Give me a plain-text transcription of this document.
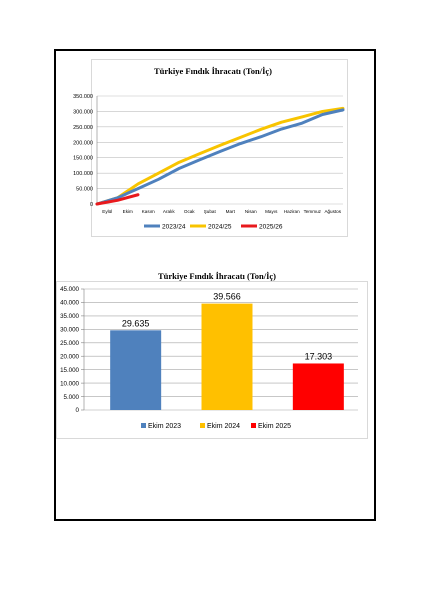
Türkiye Fındık İhracatı (Ton/İç)
0
50.000
100.000
150.000
200.000
250.000
300.000
350.000
Eylül Ekim Kasım Aralık Ocak Şubat Mart Nisan Mayıs Haziran Temmuz Ağustos
2023/24	2024/25	2025/26
Türkiye Fındık İhracatı (Ton/İç)
0
5.000
10.000
15.000
20.000
25.000
30.000
35.000
40.000
45.000
29.635
39.566
17.303
Ekim 2023	Ekim 2024	Ekim 2025
